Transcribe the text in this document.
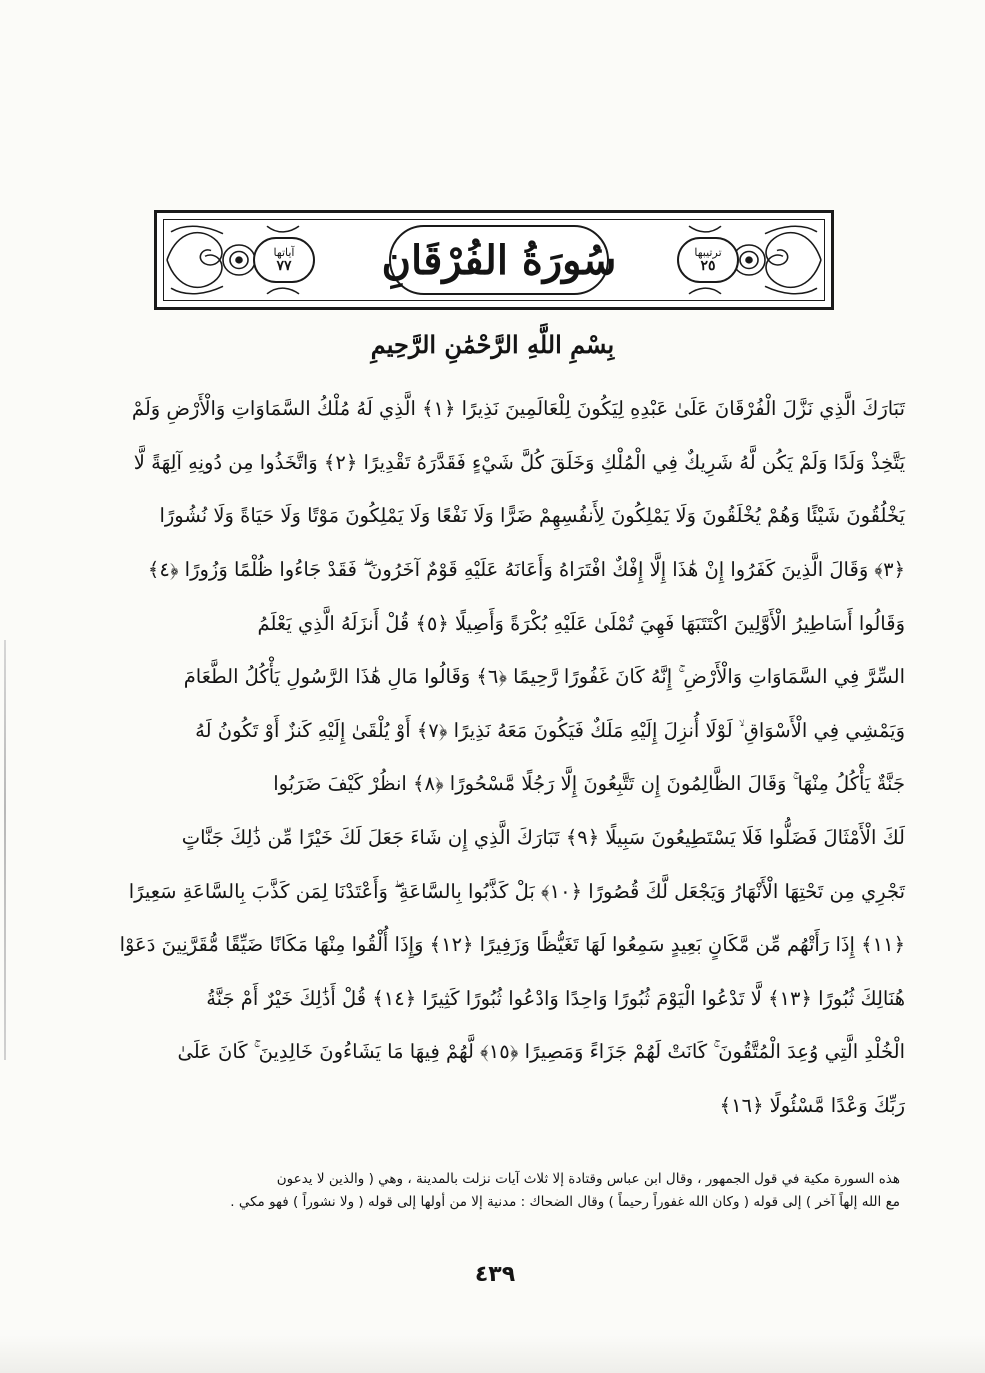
آياتها
٧٧ سُورَةُ الفُرْقَانِ	ترتيبها
٢٥
بِسْمِ اللَّهِ الرَّحْمَٰنِ الرَّحِيمِ
تَبَارَكَ الَّذِي نَزَّلَ الْفُرْقَانَ عَلَىٰ عَبْدِهِ لِيَكُونَ لِلْعَالَمِينَ نَذِيرًا ﴿١﴾ الَّذِي لَهُ مُلْكُ السَّمَاوَاتِ وَالْأَرْضِ وَلَمْ
يَتَّخِذْ وَلَدًا وَلَمْ يَكُن لَّهُ شَرِيكٌ فِي الْمُلْكِ وَخَلَقَ كُلَّ شَيْءٍ فَقَدَّرَهُ تَقْدِيرًا ﴿٢﴾ وَاتَّخَذُوا مِن دُونِهِ آلِهَةً لَّا
يَخْلُقُونَ شَيْئًا وَهُمْ يُخْلَقُونَ وَلَا يَمْلِكُونَ لِأَنفُسِهِمْ ضَرًّا وَلَا نَفْعًا وَلَا يَمْلِكُونَ مَوْتًا وَلَا حَيَاةً وَلَا نُشُورًا
﴿٣﴾ وَقَالَ الَّذِينَ كَفَرُوا إِنْ هَٰذَا إِلَّا إِفْكٌ افْتَرَاهُ وَأَعَانَهُ عَلَيْهِ قَوْمٌ آخَرُونَ ۖ فَقَدْ جَاءُوا ظُلْمًا وَزُورًا ﴿٤﴾
وَقَالُوا أَسَاطِيرُ الْأَوَّلِينَ اكْتَتَبَهَا فَهِيَ تُمْلَىٰ عَلَيْهِ بُكْرَةً وَأَصِيلًا ﴿٥﴾ قُلْ أَنزَلَهُ الَّذِي يَعْلَمُ
السِّرَّ فِي السَّمَاوَاتِ وَالْأَرْضِ ۚ إِنَّهُ كَانَ غَفُورًا رَّحِيمًا ﴿٦﴾ وَقَالُوا مَالِ هَٰذَا الرَّسُولِ يَأْكُلُ الطَّعَامَ
وَيَمْشِي فِي الْأَسْوَاقِ ۙ لَوْلَا أُنزِلَ إِلَيْهِ مَلَكٌ فَيَكُونَ مَعَهُ نَذِيرًا ﴿٧﴾ أَوْ يُلْقَىٰ إِلَيْهِ كَنزٌ أَوْ تَكُونُ لَهُ
جَنَّةٌ يَأْكُلُ مِنْهَا ۚ وَقَالَ الظَّالِمُونَ إِن تَتَّبِعُونَ إِلَّا رَجُلًا مَّسْحُورًا ﴿٨﴾ انظُرْ كَيْفَ ضَرَبُوا
لَكَ الْأَمْثَالَ فَضَلُّوا فَلَا يَسْتَطِيعُونَ سَبِيلًا ﴿٩﴾ تَبَارَكَ الَّذِي إِن شَاءَ جَعَلَ لَكَ خَيْرًا مِّن ذَٰلِكَ جَنَّاتٍ
تَجْرِي مِن تَحْتِهَا الْأَنْهَارُ وَيَجْعَل لَّكَ قُصُورًا ﴿١٠﴾ بَلْ كَذَّبُوا بِالسَّاعَةِ ۖ وَأَعْتَدْنَا لِمَن كَذَّبَ بِالسَّاعَةِ سَعِيرًا
﴿١١﴾ إِذَا رَأَتْهُم مِّن مَّكَانٍ بَعِيدٍ سَمِعُوا لَهَا تَغَيُّظًا وَزَفِيرًا ﴿١٢﴾ وَإِذَا أُلْقُوا مِنْهَا مَكَانًا ضَيِّقًا مُّقَرَّنِينَ دَعَوْا
هُنَالِكَ ثُبُورًا ﴿١٣﴾ لَّا تَدْعُوا الْيَوْمَ ثُبُورًا وَاحِدًا وَادْعُوا ثُبُورًا كَثِيرًا ﴿١٤﴾ قُلْ أَذَٰلِكَ خَيْرٌ أَمْ جَنَّةُ
الْخُلْدِ الَّتِي وُعِدَ الْمُتَّقُونَ ۚ كَانَتْ لَهُمْ جَزَاءً وَمَصِيرًا ﴿١٥﴾ لَّهُمْ فِيهَا مَا يَشَاءُونَ خَالِدِينَ ۚ كَانَ عَلَىٰ
رَبِّكَ وَعْدًا مَّسْئُولًا ﴿١٦﴾

هذه السورة مكية في قول الجمهور ، وقال ابن عباس وقتادة إلا ثلاث آيات نزلت بالمدينة ، وهي ( والذين لا يدعون

مع الله إلهاً آخر ) إلى قوله ( وكان الله غفوراً رحيماً ) وقال الضحاك : مدنية إلا من أولها إلى قوله ( ولا نشوراً ) فهو مكي .

٤٣٩
